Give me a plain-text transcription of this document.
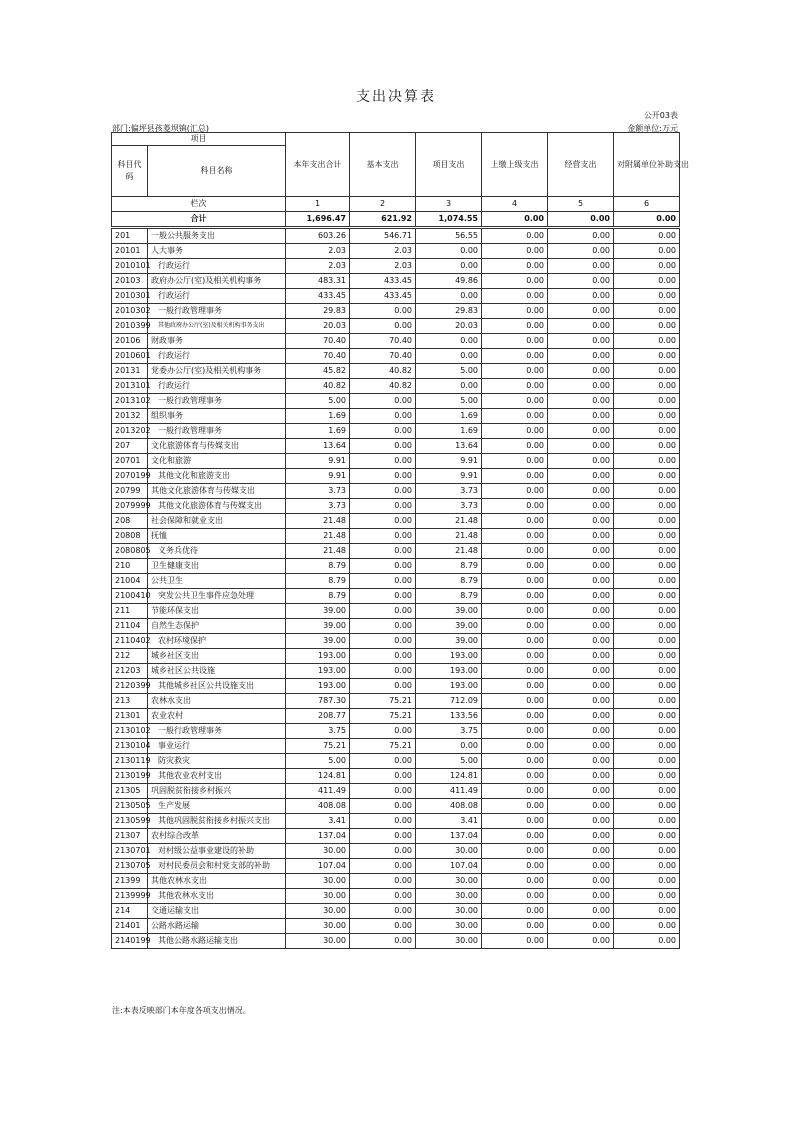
支出决算表
公开03表
部门:偏坪县孩菱坝镇(汇总)	金额单位:万元
项目		本年支出合计	基本支出	项目支出	上缴上级支出	经营支出	对附属单位补助支出
科目代码	科目名称						
栏次		1	2	3	4	5	6
合计		1,696.47	621.92	1,074.55	0.00	0.00	0.00
201	一般公共服务支出	603.26	546.71	56.55	0.00	0.00	0.00
20101	人大事务	2.03	2.03	0.00	0.00	0.00	0.00
2010101	行政运行	2.03	2.03	0.00	0.00	0.00	0.00
20103	政府办公厅(室)及相关机构事务	483.31	433.45	49.86	0.00	0.00	0.00
2010301	行政运行	433.45	433.45	0.00	0.00	0.00	0.00
2010302	一般行政管理事务	29.83	0.00	29.83	0.00	0.00	0.00
2010399	其他政府办公厅(室)及相关机构事务支出	20.03	0.00	20.03	0.00	0.00	0.00
20106	财政事务	70.40	70.40	0.00	0.00	0.00	0.00
2010601	行政运行	70.40	70.40	0.00	0.00	0.00	0.00
20131	党委办公厅(室)及相关机构事务	45.82	40.82	5.00	0.00	0.00	0.00
2013101	行政运行	40.82	40.82	0.00	0.00	0.00	0.00
2013102	一般行政管理事务	5.00	0.00	5.00	0.00	0.00	0.00
20132	组织事务	1.69	0.00	1.69	0.00	0.00	0.00
2013202	一般行政管理事务	1.69	0.00	1.69	0.00	0.00	0.00
207	文化旅游体育与传媒支出	13.64	0.00	13.64	0.00	0.00	0.00
20701	文化和旅游	9.91	0.00	9.91	0.00	0.00	0.00
2070199	其他文化和旅游支出	9.91	0.00	9.91	0.00	0.00	0.00
20799	其他文化旅游体育与传媒支出	3.73	0.00	3.73	0.00	0.00	0.00
2079999	其他文化旅游体育与传媒支出	3.73	0.00	3.73	0.00	0.00	0.00
208	社会保障和就业支出	21.48	0.00	21.48	0.00	0.00	0.00
20808	抚恤	21.48	0.00	21.48	0.00	0.00	0.00
2080805	义务兵优待	21.48	0.00	21.48	0.00	0.00	0.00
210	卫生健康支出	8.79	0.00	8.79	0.00	0.00	0.00
21004	公共卫生	8.79	0.00	8.79	0.00	0.00	0.00
2100410	突发公共卫生事件应急处理	8.79	0.00	8.79	0.00	0.00	0.00
211	节能环保支出	39.00	0.00	39.00	0.00	0.00	0.00
21104	自然生态保护	39.00	0.00	39.00	0.00	0.00	0.00
2110402	农村环境保护	39.00	0.00	39.00	0.00	0.00	0.00
212	城乡社区支出	193.00	0.00	193.00	0.00	0.00	0.00
21203	城乡社区公共设施	193.00	0.00	193.00	0.00	0.00	0.00
2120399	其他城乡社区公共设施支出	193.00	0.00	193.00	0.00	0.00	0.00
213	农林水支出	787.30	75.21	712.09	0.00	0.00	0.00
21301	农业农村	208.77	75.21	133.56	0.00	0.00	0.00
2130102	一般行政管理事务	3.75	0.00	3.75	0.00	0.00	0.00
2130104	事业运行	75.21	75.21	0.00	0.00	0.00	0.00
2130119	防灾救灾	5.00	0.00	5.00	0.00	0.00	0.00
2130199	其他农业农村支出	124.81	0.00	124.81	0.00	0.00	0.00
21305	巩固脱贫衔接乡村振兴	411.49	0.00	411.49	0.00	0.00	0.00
2130505	生产发展	408.08	0.00	408.08	0.00	0.00	0.00
2130599	其他巩固脱贫衔接乡村振兴支出	3.41	0.00	3.41	0.00	0.00	0.00
21307	农村综合改革	137.04	0.00	137.04	0.00	0.00	0.00
2130701	对村级公益事业建设的补助	30.00	0.00	30.00	0.00	0.00	0.00
2130705	对村民委员会和村党支部的补助	107.04	0.00	107.04	0.00	0.00	0.00
21399	其他农林水支出	30.00	0.00	30.00	0.00	0.00	0.00
2139999	其他农林水支出	30.00	0.00	30.00	0.00	0.00	0.00
214	交通运输支出	30.00	0.00	30.00	0.00	0.00	0.00
21401	公路水路运输	30.00	0.00	30.00	0.00	0.00	0.00
2140199	其他公路水路运输支出	30.00	0.00	30.00	0.00	0.00	0.00
注:本表反映部门本年度各项支出情况。
